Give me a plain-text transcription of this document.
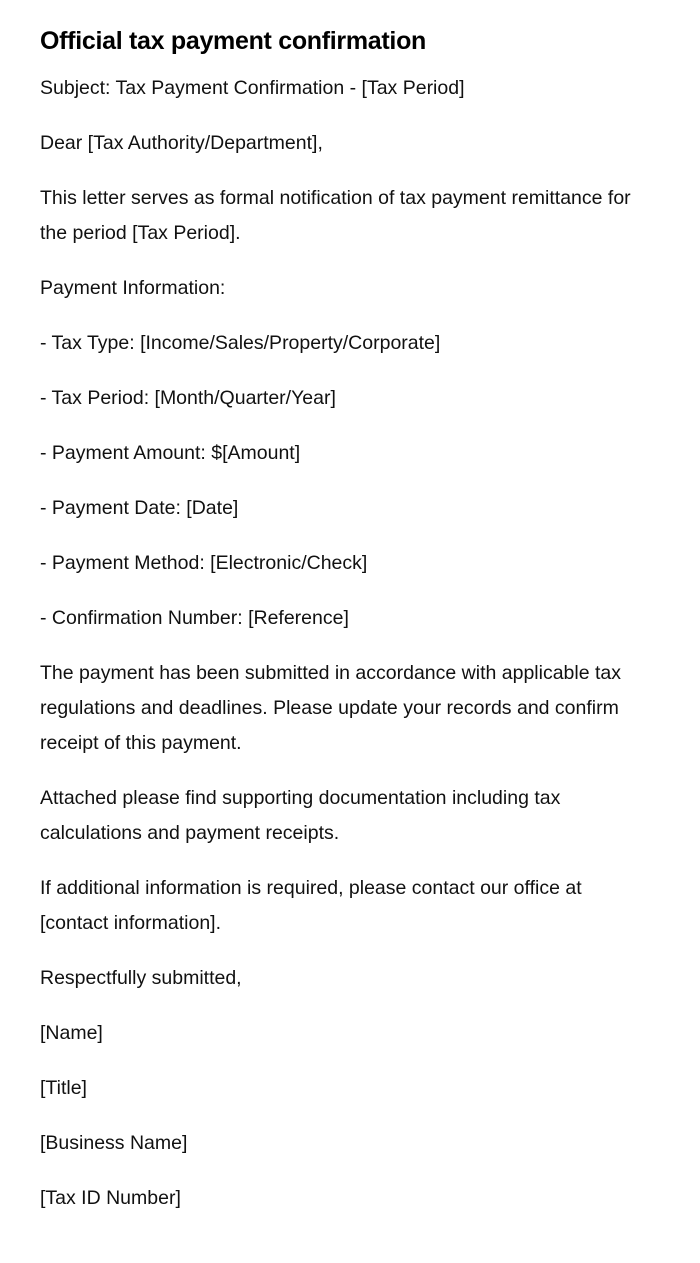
Official tax payment confirmation

Subject: Tax Payment Confirmation - [Tax Period]

Dear [Tax Authority/Department],

This letter serves as formal notification of tax payment remittance for the period [Tax Period].

Payment Information:

- Tax Type: [Income/Sales/Property/Corporate]

- Tax Period: [Month/Quarter/Year]

- Payment Amount: $[Amount]

- Payment Date: [Date]

- Payment Method: [Electronic/Check]

- Confirmation Number: [Reference]

The payment has been submitted in accordance with applicable tax regulations and deadlines. Please update your records and confirm receipt of this payment.

Attached please find supporting documentation including tax calculations and payment receipts.

If additional information is required, please contact our office at [contact information].

Respectfully submitted,

[Name]

[Title]

[Business Name]

[Tax ID Number]
